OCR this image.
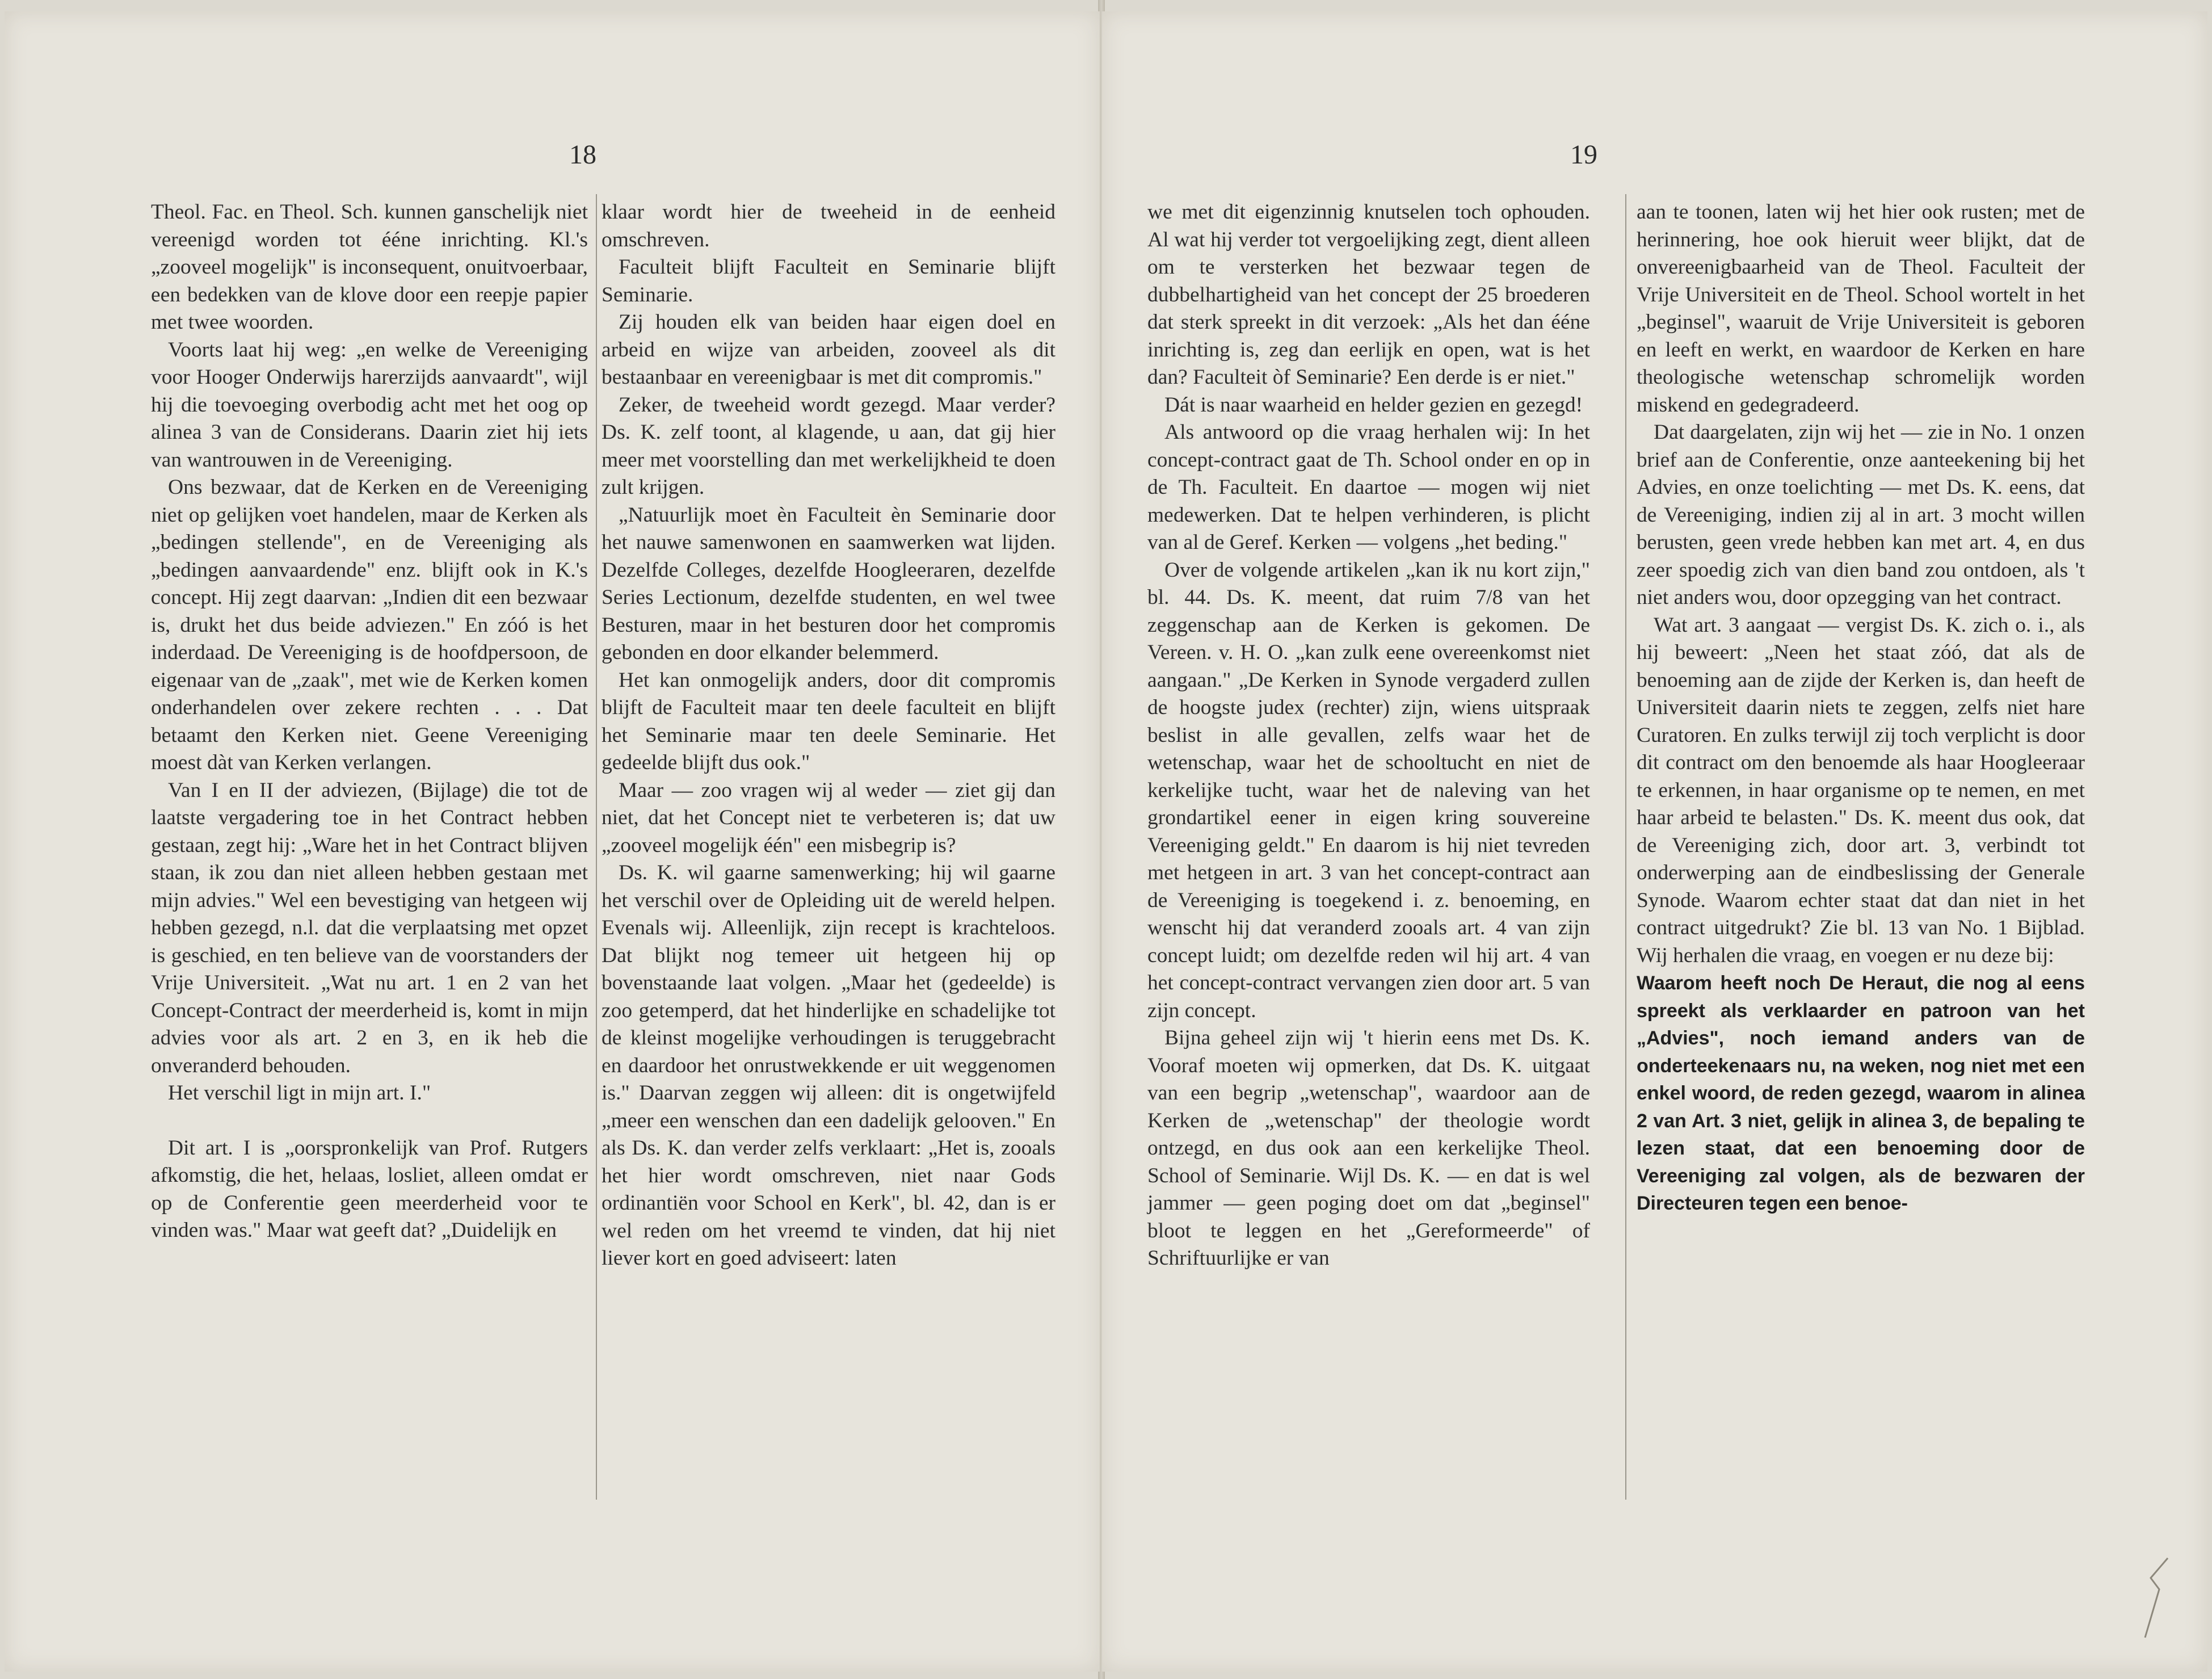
18

Theol. Fac. en Theol. Sch. kunnen ganschelijk niet vereenigd worden tot ééne inrichting. Kl.'s „zooveel mogelijk" is inconsequent, onuitvoerbaar, een bedekken van de klove door een reepje papier met twee woorden.

Voorts laat hij weg: „en welke de Vereeniging voor Hooger Onderwijs harerzijds aanvaardt", wijl hij die toevoeging overbodig acht met het oog op alinea 3 van de Considerans. Daarin ziet hij iets van wantrouwen in de Vereeniging.

Ons bezwaar, dat de Kerken en de Vereeniging niet op gelijken voet handelen, maar de Kerken als „bedingen stellende", en de Vereeniging als „bedingen aanvaardende" enz. blijft ook in K.'s concept. Hij zegt daarvan: „Indien dit een bezwaar is, drukt het dus beide adviezen." En zóó is het inderdaad. De Vereeniging is de hoofdpersoon, de eigenaar van de „zaak", met wie de Kerken komen onderhandelen over zekere rechten . . . Dat betaamt den Kerken niet. Geene Vereeniging moest dàt van Kerken verlangen.

Van I en II der adviezen, (Bijlage) die tot de laatste vergadering toe in het Contract hebben gestaan, zegt hij: „Ware het in het Contract blijven staan, ik zou dan niet alleen hebben gestaan met mijn advies." Wel een bevestiging van hetgeen wij hebben gezegd, n.l. dat die verplaatsing met opzet is geschied, en ten believe van de voorstanders der Vrije Universiteit. „Wat nu art. 1 en 2 van het Concept-Contract der meerderheid is, komt in mijn advies voor als art. 2 en 3, en ik heb die onveranderd behouden.

Het verschil ligt in mijn art. I."

Dit art. I is „oorspronkelijk van Prof. Rutgers afkomstig, die het, helaas, losliet, alleen omdat er op de Conferentie geen meerderheid voor te vinden was." Maar wat geeft dat? „Duidelijk en

klaar wordt hier de tweeheid in de eenheid omschreven.

Faculteit blijft Faculteit en Seminarie blijft Seminarie.

Zij houden elk van beiden haar eigen doel en arbeid en wijze van arbeiden, zooveel als dit bestaanbaar en vereenigbaar is met dit compromis."

Zeker, de tweeheid wordt gezegd. Maar verder? Ds. K. zelf toont, al klagende, u aan, dat gij hier meer met voorstelling dan met werkelijkheid te doen zult krijgen.

„Natuurlijk moet èn Faculteit èn Seminarie door het nauwe samenwonen en saamwerken wat lijden. Dezelfde Colleges, dezelfde Hoogleeraren, dezelfde Series Lectionum, dezelfde studenten, en wel twee Besturen, maar in het besturen door het compromis gebonden en door elkander belemmerd.

Het kan onmogelijk anders, door dit compromis blijft de Faculteit maar ten deele faculteit en blijft het Seminarie maar ten deele Seminarie. Het gedeelde blijft dus ook."

Maar — zoo vragen wij al weder — ziet gij dan niet, dat het Concept niet te verbeteren is; dat uw „zooveel mogelijk één" een misbegrip is?

Ds. K. wil gaarne samenwerking; hij wil gaarne het verschil over de Opleiding uit de wereld helpen. Evenals wij. Alleenlijk, zijn recept is krachteloos. Dat blijkt nog temeer uit hetgeen hij op bovenstaande laat volgen. „Maar het (gedeelde) is zoo getemperd, dat het hinderlijke en schadelijke tot de kleinst mogelijke verhoudingen is teruggebracht en daardoor het onrustwekkende er uit weggenomen is." Daarvan zeggen wij alleen: dit is ongetwijfeld „meer een wenschen dan een dadelijk gelooven." En als Ds. K. dan verder zelfs verklaart: „Het is, zooals het hier wordt omschreven, niet naar Gods ordinantiën voor School en Kerk", bl. 42, dan is er wel reden om het vreemd te vinden, dat hij niet liever kort en goed adviseert: laten

19

we met dit eigenzinnig knutselen toch ophouden. Al wat hij verder tot vergoelijking zegt, dient alleen om te versterken het bezwaar tegen de dubbelhartigheid van het concept der 25 broederen dat sterk spreekt in dit verzoek: „Als het dan ééne inrichting is, zeg dan eerlijk en open, wat is het dan? Faculteit òf Seminarie? Een derde is er niet."

Dát is naar waarheid en helder gezien en gezegd!

Als antwoord op die vraag herhalen wij: In het concept-contract gaat de Th. School onder en op in de Th. Faculteit. En daartoe — mogen wij niet medewerken. Dat te helpen verhinderen, is plicht van al de Geref. Kerken — volgens „het beding."

Over de volgende artikelen „kan ik nu kort zijn," bl. 44. Ds. K. meent, dat ruim 7/8 van het zeggenschap aan de Kerken is gekomen. De Vereen. v. H. O. „kan zulk eene overeenkomst niet aangaan." „De Kerken in Synode vergaderd zullen de hoogste judex (rechter) zijn, wiens uitspraak beslist in alle gevallen, zelfs waar het de wetenschap, waar het de schooltucht en niet de kerkelijke tucht, waar het de naleving van het grondartikel eener in eigen kring souvereine Vereeniging geldt." En daarom is hij niet tevreden met hetgeen in art. 3 van het concept-contract aan de Vereeniging is toegekend i. z. benoeming, en wenscht hij dat veranderd zooals art. 4 van zijn concept luidt; om dezelfde reden wil hij art. 4 van het concept-contract vervangen zien door art. 5 van zijn concept.

Bijna geheel zijn wij 't hierin eens met Ds. K. Vooraf moeten wij opmerken, dat Ds. K. uitgaat van een begrip „wetenschap", waardoor aan de Kerken de „wetenschap" der theologie wordt ontzegd, en dus ook aan een kerkelijke Theol. School of Seminarie. Wijl Ds. K. — en dat is wel jammer — geen poging doet om dat „beginsel" bloot te leggen en het „Gereformeerde" of Schriftuurlijke er van

aan te toonen, laten wij het hier ook rusten; met de herinnering, hoe ook hieruit weer blijkt, dat de onvereenigbaarheid van de Theol. Faculteit der Vrije Universiteit en de Theol. School wortelt in het „beginsel", waaruit de Vrije Universiteit is geboren en leeft en werkt, en waardoor de Kerken en hare theologische wetenschap schromelijk worden miskend en gedegradeerd.

Dat daargelaten, zijn wij het — zie in No. 1 onzen brief aan de Conferentie, onze aanteekening bij het Advies, en onze toelichting — met Ds. K. eens, dat de Vereeniging, indien zij al in art. 3 mocht willen berusten, geen vrede hebben kan met art. 4, en dus zeer spoedig zich van dien band zou ontdoen, als 't niet anders wou, door opzegging van het contract.

Wat art. 3 aangaat — vergist Ds. K. zich o. i., als hij beweert: „Neen het staat zóó, dat als de benoeming aan de zijde der Kerken is, dan heeft de Universiteit daarin niets te zeggen, zelfs niet hare Curatoren. En zulks terwijl zij toch verplicht is door dit contract om den benoemde als haar Hoogleeraar te erkennen, in haar organisme op te nemen, en met haar arbeid te belasten." Ds. K. meent dus ook, dat de Vereeniging zich, door art. 3, verbindt tot onderwerping aan de eindbeslissing der Generale Synode. Waarom echter staat dat dan niet in het contract uitgedrukt? Zie bl. 13 van No. 1 Bijblad. Wij herhalen die vraag, en voegen er nu deze bij:

Waarom heeft noch De Heraut, die nog al eens spreekt als verklaarder en patroon van het „Advies", noch iemand anders van de onderteekenaars nu, na weken, nog niet met een enkel woord, de reden gezegd, waarom in alinea 2 van Art. 3 niet, gelijk in alinea 3, de bepaling te lezen staat, dat een benoeming door de Vereeniging zal volgen, als de bezwaren der Directeuren tegen een benoe-
